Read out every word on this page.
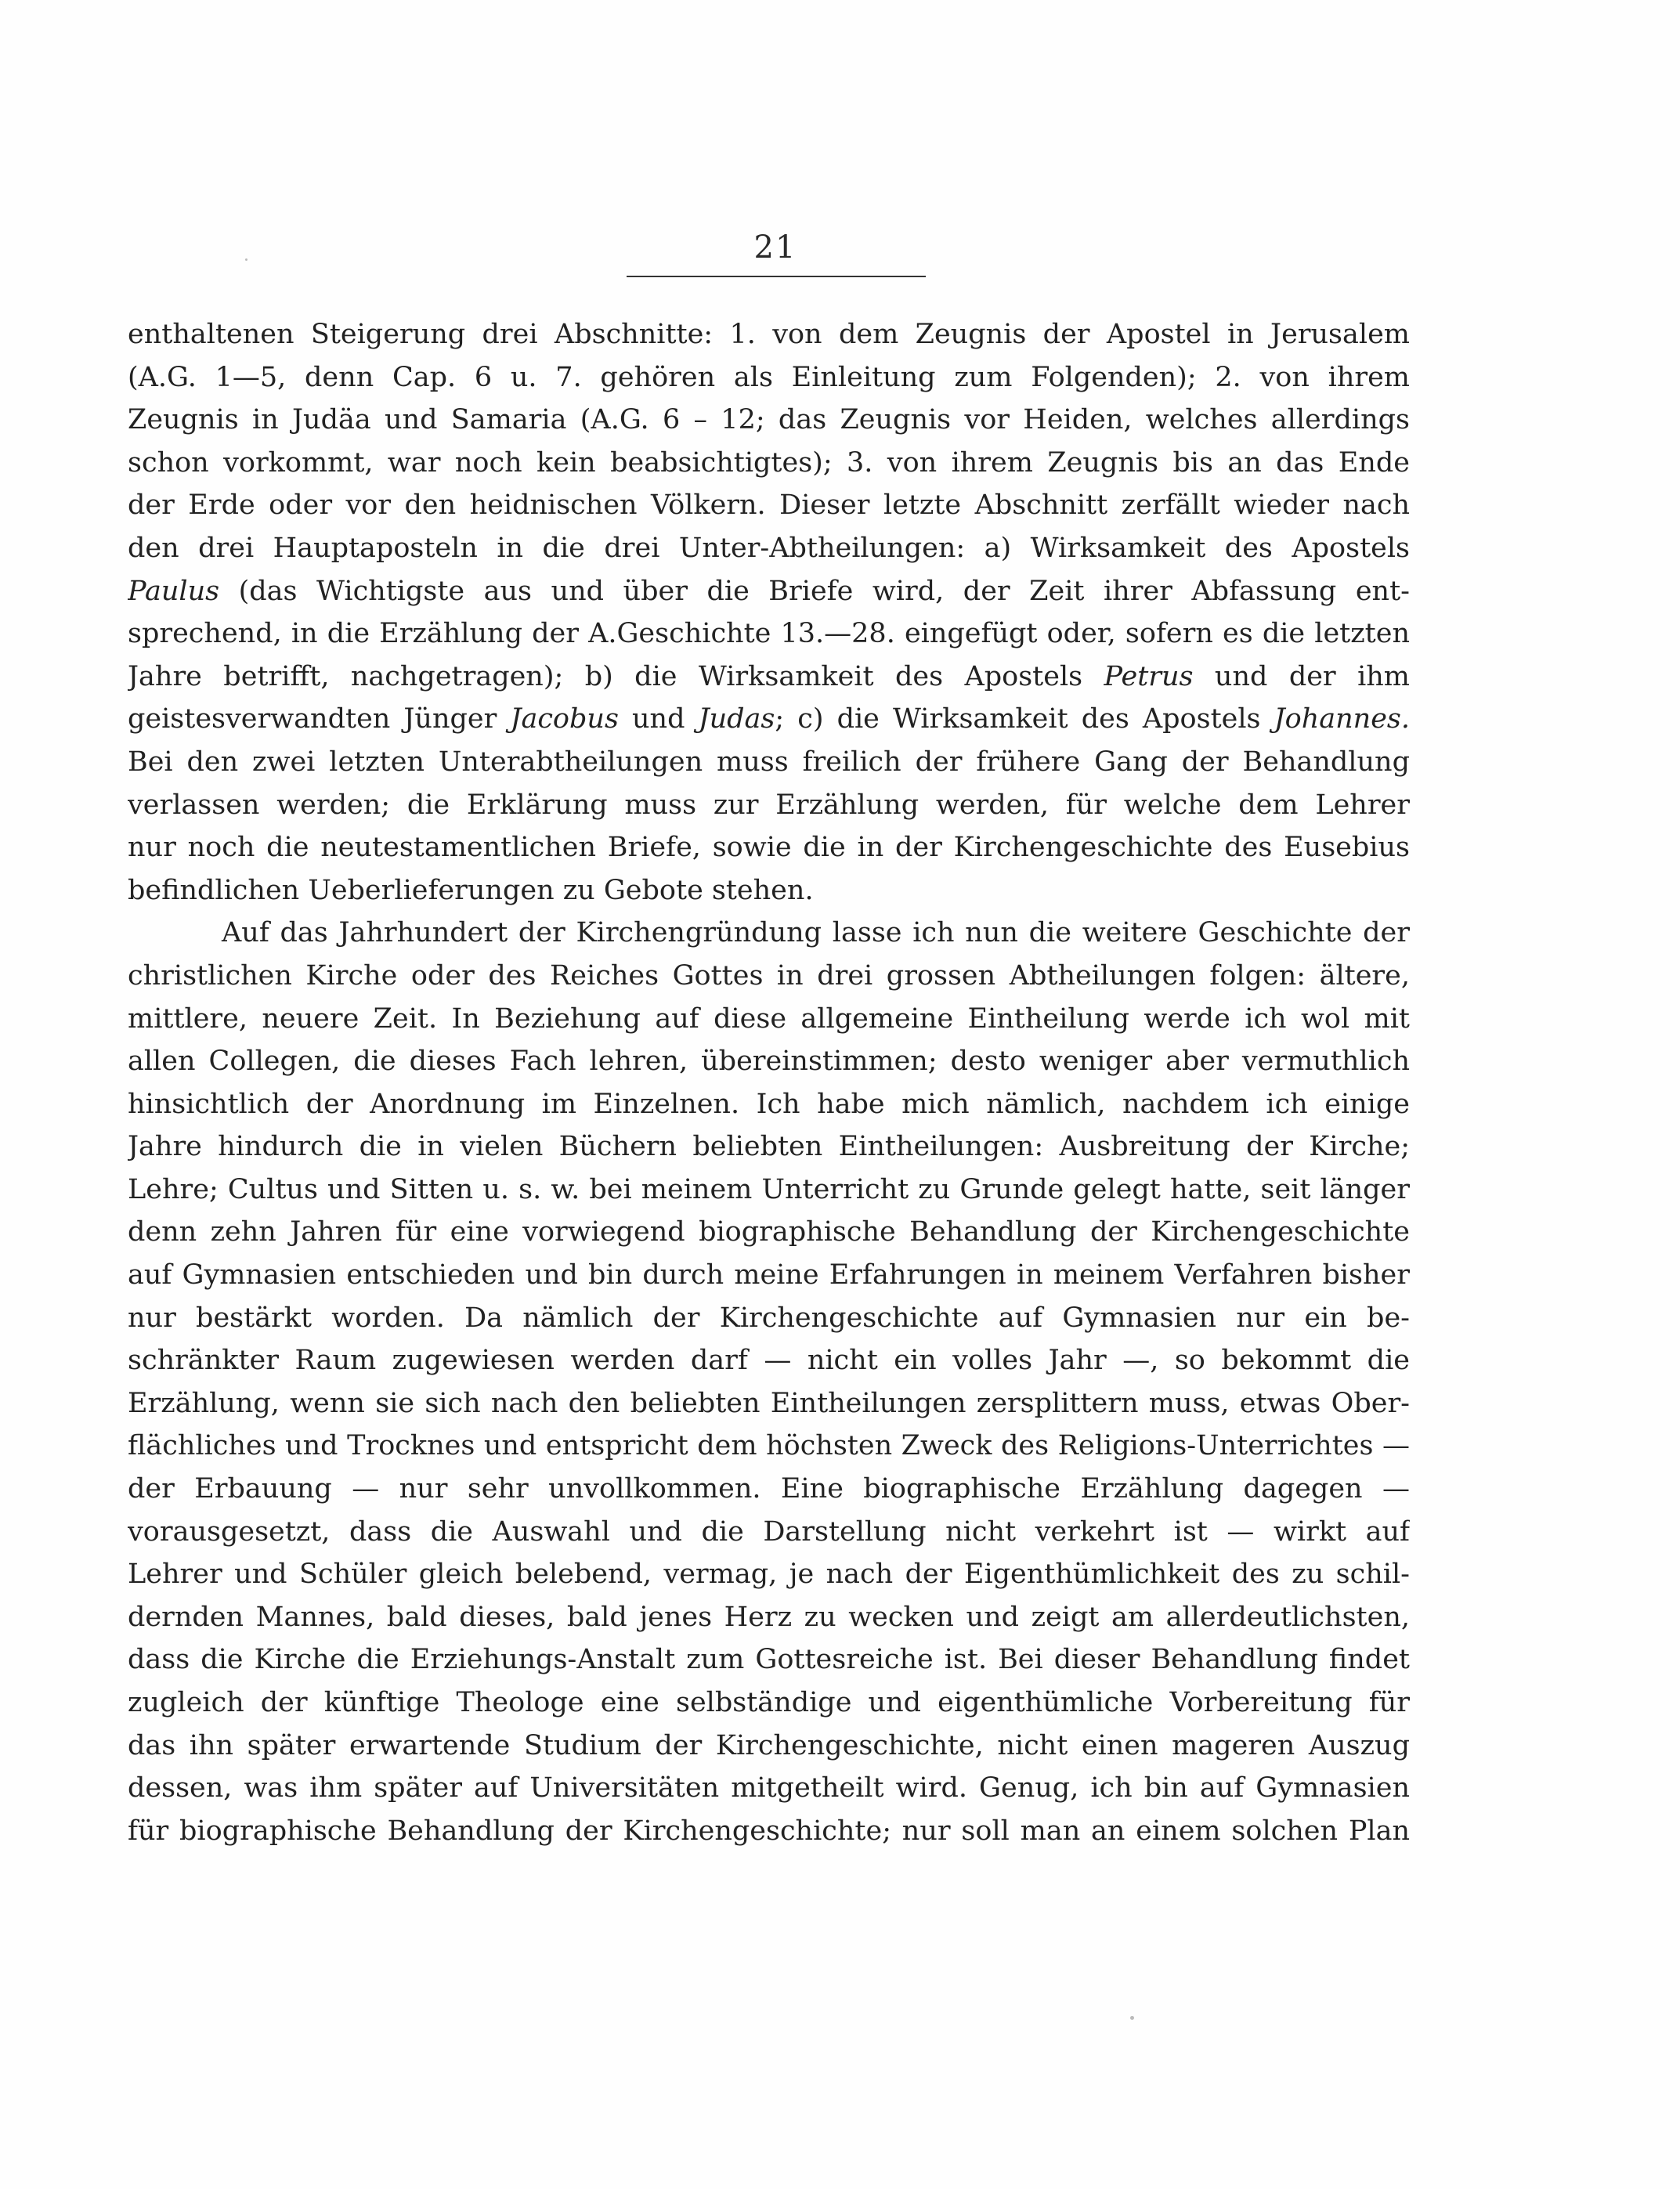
21
enthaltenen Steigerung drei Abschnitte: 1. von dem Zeugnis der Apostel in Jerusalem
(A.G. 1—5, denn Cap. 6 u. 7. gehören als Einleitung zum Folgenden); 2. von ihrem
Zeugnis in Judäa und Samaria (A.G. 6 – 12; das Zeugnis vor Heiden, welches allerdings
schon vorkommt, war noch kein beabsichtigtes); 3. von ihrem Zeugnis bis an das Ende
der Erde oder vor den heidnischen Völkern. Dieser letzte Abschnitt zerfällt wieder nach
den drei Hauptaposteln in die drei Unter-Abtheilungen: a) Wirksamkeit des Apostels
Paulus (das Wichtigste aus und über die Briefe wird, der Zeit ihrer Abfassung ent-
sprechend, in die Erzählung der A.Geschichte 13.—28. eingefügt oder, sofern es die letzten
Jahre betrifft, nachgetragen); b) die Wirksamkeit des Apostels Petrus und der ihm
geistesverwandten Jünger Jacobus und Judas; c) die Wirksamkeit des Apostels Johannes.
Bei den zwei letzten Unterabtheilungen muss freilich der frühere Gang der Behandlung
verlassen werden; die Erklärung muss zur Erzählung werden, für welche dem Lehrer
nur noch die neutestamentlichen Briefe, sowie die in der Kirchengeschichte des Eusebius
befindlichen Ueberlieferungen zu Gebote stehen.
Auf das Jahrhundert der Kirchengründung lasse ich nun die weitere Geschichte der
christlichen Kirche oder des Reiches Gottes in drei grossen Abtheilungen folgen: ältere,
mittlere, neuere Zeit. In Beziehung auf diese allgemeine Eintheilung werde ich wol mit
allen Collegen, die dieses Fach lehren, übereinstimmen; desto weniger aber vermuthlich
hinsichtlich der Anordnung im Einzelnen. Ich habe mich nämlich, nachdem ich einige
Jahre hindurch die in vielen Büchern beliebten Eintheilungen: Ausbreitung der Kirche;
Lehre; Cultus und Sitten u. s. w. bei meinem Unterricht zu Grunde gelegt hatte, seit länger
denn zehn Jahren für eine vorwiegend biographische Behandlung der Kirchengeschichte
auf Gymnasien entschieden und bin durch meine Erfahrungen in meinem Verfahren bisher
nur bestärkt worden. Da nämlich der Kirchengeschichte auf Gymnasien nur ein be-
schränkter Raum zugewiesen werden darf — nicht ein volles Jahr —, so bekommt die
Erzählung, wenn sie sich nach den beliebten Eintheilungen zersplittern muss, etwas Ober-
flächliches und Trocknes und entspricht dem höchsten Zweck des Religions-Unterrichtes —
der Erbauung — nur sehr unvollkommen. Eine biographische Erzählung dagegen —
vorausgesetzt, dass die Auswahl und die Darstellung nicht verkehrt ist — wirkt auf
Lehrer und Schüler gleich belebend, vermag, je nach der Eigenthümlichkeit des zu schil-
dernden Mannes, bald dieses, bald jenes Herz zu wecken und zeigt am allerdeutlichsten,
dass die Kirche die Erziehungs-Anstalt zum Gottesreiche ist. Bei dieser Behandlung findet
zugleich der künftige Theologe eine selbständige und eigenthümliche Vorbereitung für
das ihn später erwartende Studium der Kirchengeschichte, nicht einen mageren Auszug
dessen, was ihm später auf Universitäten mitgetheilt wird. Genug, ich bin auf Gymnasien
für biographische Behandlung der Kirchengeschichte; nur soll man an einem solchen Plan
